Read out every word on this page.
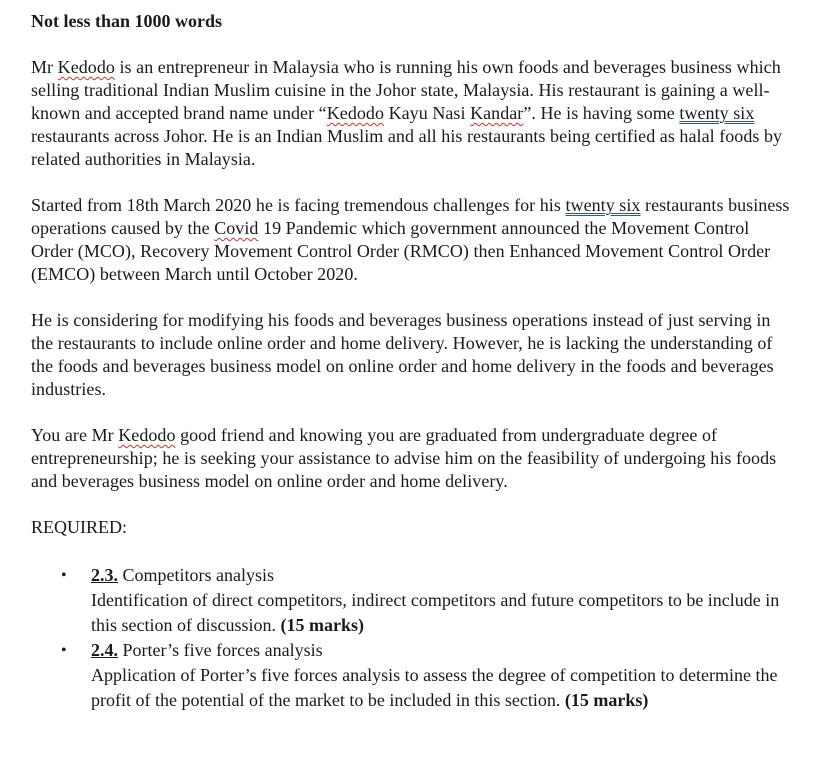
Not less than 1000 words

Mr Kedodo is an entrepreneur in Malaysia who is running his own foods and beverages business which selling traditional Indian Muslim cuisine in the Johor state, Malaysia. His restaurant is gaining a well-known and accepted brand name under “Kedodo Kayu Nasi Kandar”. He is having some twenty six restaurants across Johor. He is an Indian Muslim and all his restaurants being certified as halal foods by related authorities in Malaysia.

Started from 18th March 2020 he is facing tremendous challenges for his twenty six restaurants business operations caused by the Covid 19 Pandemic which government announced the Movement Control Order (MCO), Recovery Movement Control Order (RMCO) then Enhanced Movement Control Order (EMCO) between March until October 2020.

He is considering for modifying his foods and beverages business operations instead of just serving in the restaurants to include online order and home delivery. However, he is lacking the understanding of the foods and beverages business model on online order and home delivery in the foods and beverages industries.

You are Mr Kedodo good friend and knowing you are graduated from undergraduate degree of entrepreneurship; he is seeking your assistance to advise him on the feasibility of undergoing his foods and beverages business model on online order and home delivery.

REQUIRED:
• 2.3. Competitors analysis
Identification of direct competitors, indirect competitors and future competitors to be include in this section of discussion. (15 marks)
• 2.4. Porter’s five forces analysis
Application of Porter’s five forces analysis to assess the degree of competition to determine the profit of the potential of the market to be included in this section. (15 marks)
